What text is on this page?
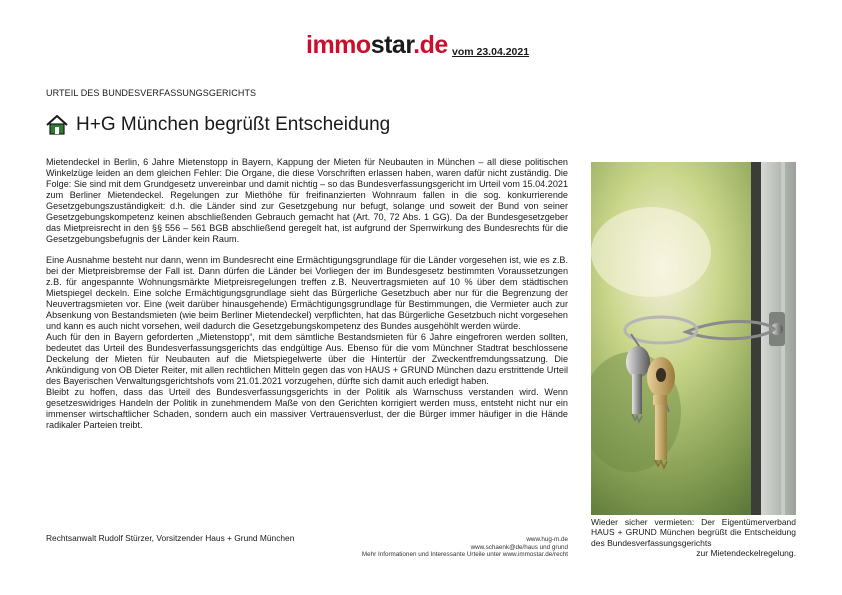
immostar.de vom 23.04.2021
URTEIL DES BUNDESVERFASSUNGSGERICHTS
H+G München begrüßt Entscheidung

Mietendeckel in Berlin, 6 Jahre Mietenstopp in Bayern, Kappung der Mieten für Neubauten in München – all diese politischen Winkelzüge leiden an dem gleichen Fehler: Die Organe, die diese Vorschriften erlassen haben, waren dafür nicht zuständig. Die Folge: Sie sind mit dem Grundgesetz unvereinbar und damit nichtig – so das Bundesverfassungsgericht im Urteil vom 15.04.2021 zum Berliner Mietendeckel. Regelungen zur Miethöhe für freifinanzierten Wohnraum fallen in die sog. konkurrierende Gesetzgebungszuständigkeit: d.h. die Länder sind zur Gesetzgebung nur befugt, solange und soweit der Bund von seiner Gesetzgebungskompetenz keinen abschließenden Gebrauch gemacht hat (Art. 70, 72 Abs. 1 GG). Da der Bundesgesetzgeber das Mietpreisrecht in den §§ 556 – 561 BGB abschließend geregelt hat, ist aufgrund der Sperrwirkung des Bundesrechts für die Gesetzgebungsbefugnis der Länder kein Raum.

Eine Ausnahme besteht nur dann, wenn im Bundesrecht eine Ermächtigungsgrundlage für die Länder vorgesehen ist, wie es z.B. bei der Mietpreisbremse der Fall ist. Dann dürfen die Länder bei Vorliegen der im Bundesgesetz bestimmten Voraussetzungen z.B. für angespannte Wohnungsmärkte Mietpreisregelungen treffen z.B. Neuvertragsmieten auf 10 % über dem städtischen Mietspiegel deckeln. Eine solche Ermächtigungsgrundlage sieht das Bürgerliche Gesetzbuch aber nur für die Begrenzung der Neuvertragsmieten vor. Eine (weit darüber hinausgehende) Ermächtigungsgrundlage für Bestimmungen, die Vermieter auch zur Absenkung von Bestandsmieten (wie beim Berliner Mietendeckel) verpflichten, hat das Bürgerliche Gesetzbuch nicht vorgesehen und kann es auch nicht vorsehen, weil dadurch die Gesetzgebungskompetenz des Bundes ausgehöhlt werden würde.

Auch für den in Bayern geforderten „Mietenstopp“, mit dem sämtliche Bestandsmieten für 6 Jahre eingefroren werden sollten, bedeutet das Urteil des Bundesverfassungsgerichts das endgültige Aus. Ebenso für die vom Münchner Stadtrat beschlossene Deckelung der Mieten für Neubauten auf die Mietspiegelwerte über die Hintertür der Zweckentfremdungssatzung. Die Ankündigung von OB Dieter Reiter, mit allen rechtlichen Mitteln gegen das von HAUS + GRUND München dazu erstrittende Urteil des Bayerischen Verwaltungsgerichtshofs vom 21.01.2021 vorzugehen, dürfte sich damit auch erledigt haben.

Bleibt zu hoffen, dass das Urteil des Bundesverfassungsgerichts in der Politik als Warnschuss verstanden wird. Wenn gesetzeswidriges Handeln der Politik in zunehmendem Maße von den Gerichten korrigiert werden muss, entsteht nicht nur ein immenser wirtschaftlicher Schaden, sondern auch ein massiver Vertrauensverlust, der die Bürger immer häufiger in die Hände radikaler Parteien treibt.

Rechtsanwalt Rudolf Stürzer, Vorsitzender Haus + Grund München	www.hug-m.de
www.schaenk@de/haus und grund
Mehr Informationen und Interessante Urteile unter www.immostar.de/recht
Wieder sicher vermieten: Der Eigentümerverband HAUS + GRUND München begrüßt die Entscheidung des Bundesverfassungsgerichts
zur Mietendeckelregelung.
